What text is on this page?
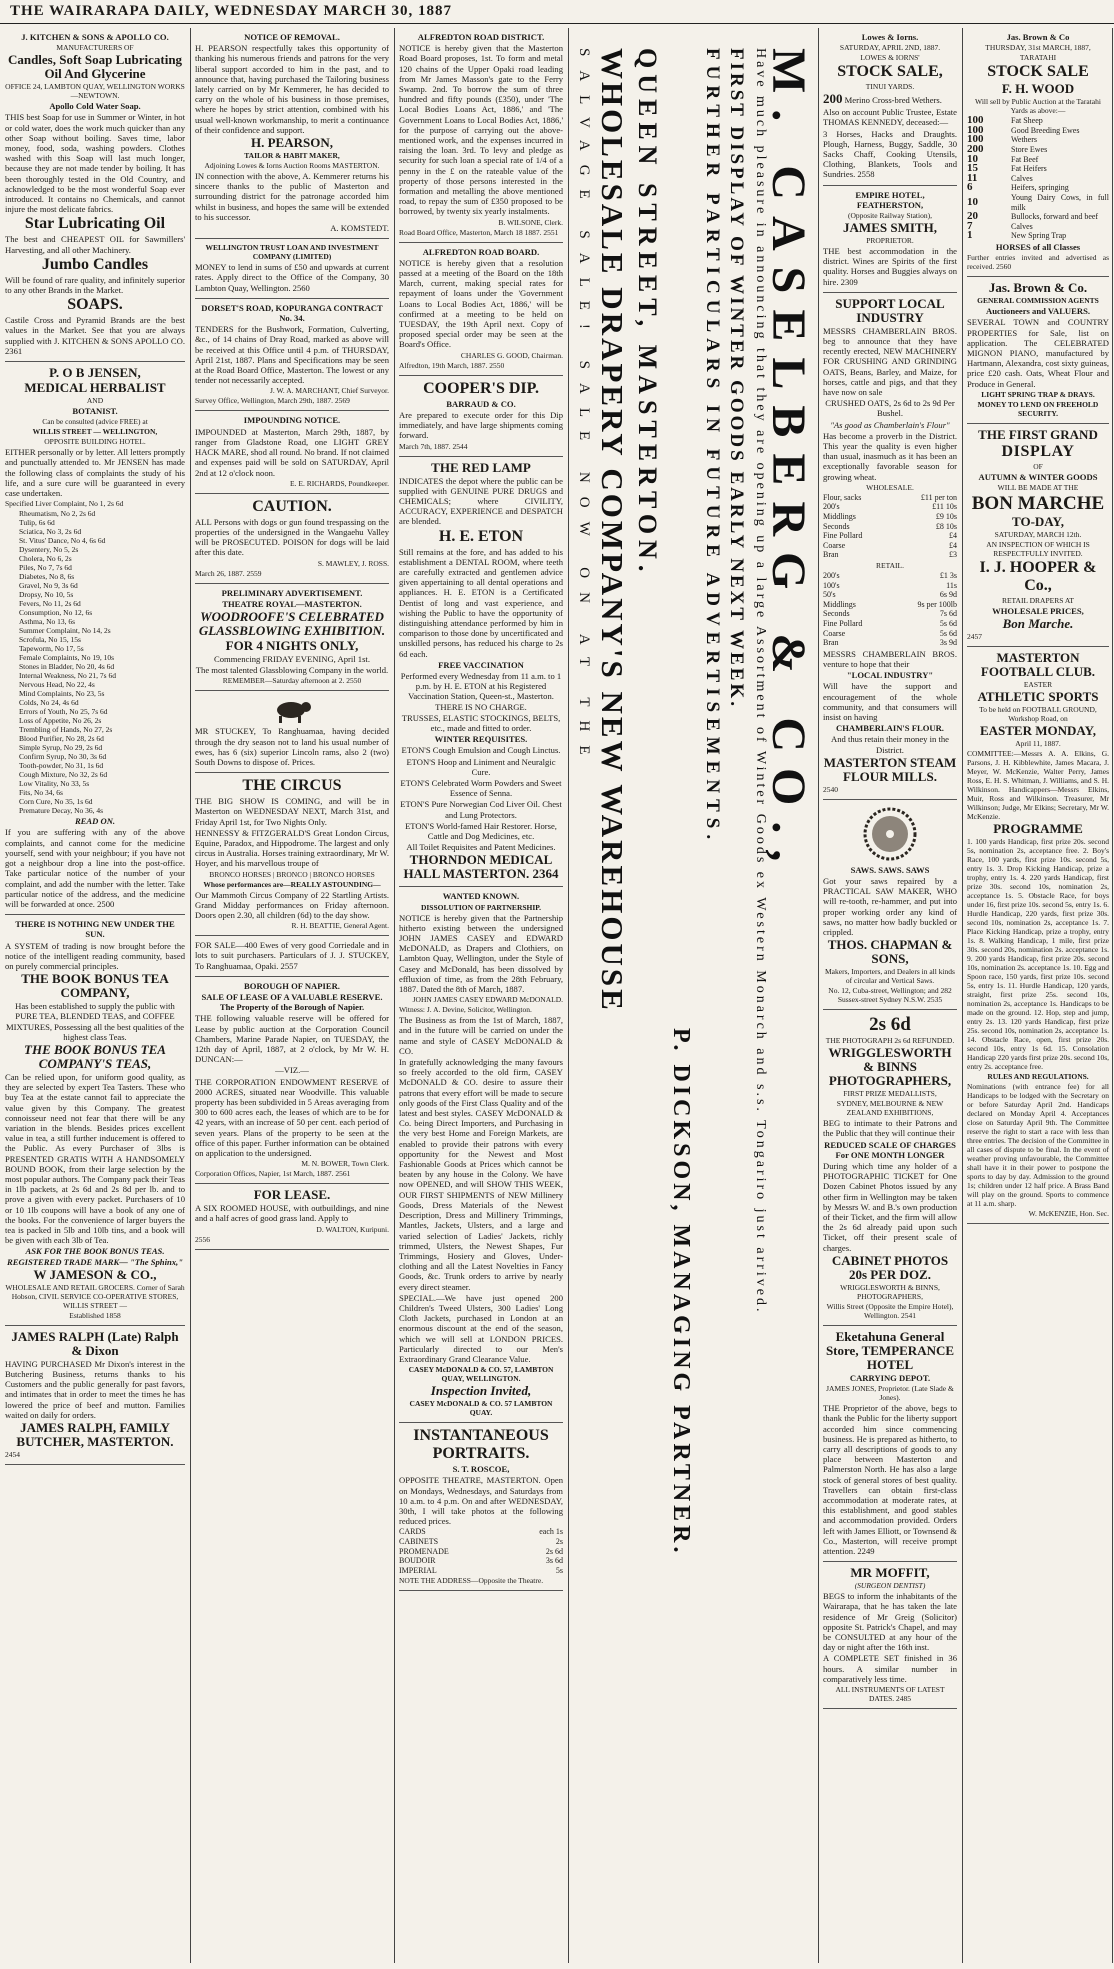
THE WAIRARAPA DAILY, WEDNESDAY MARCH 30, 1887

J. KITCHEN & SONS & APOLLO CO.

MANUFACTURERS OF

Candles, Soft Soap Lubricating Oil And Glycerine

OFFICE 24, LAMBTON QUAY, WELLINGTON WORKS—NEWTOWN.

Apollo Cold Water Soap.

THIS best Soap for use in Summer or Winter, in hot or cold water, does the work much quicker than any other Soap without boiling. Saves time, labor money, food, soda, washing powders. Clothes washed with this Soap will last much longer, because they are not made tender by boiling. It has been thoroughly tested in the Old Country, and acknowledged to be the most wonderful Soap ever introduced. It contains no Chemicals, and cannot injure the most delicate fabrics.

Star Lubricating Oil

The best and CHEAPEST OIL for Sawmillers' Harvesting, and all other Machinery.

Jumbo Candles

Will be found of rare quality, and infinitely superior to any other Brands in the Market.

SOAPS.

Castile Cross and Pyramid Brands are the best values in the Market. See that you are always supplied with J. KITCHEN & SONS APOLLO CO. 2361

P. O B JENSEN,

MEDICAL HERBALIST

AND

BOTANIST.

Can be consulted (advice FREE) at

WILLIS STREET — WELLINGTON,

OPPOSITE BUILDING HOTEL.

EITHER personally or by letter. All letters promptly and punctually attended to. Mr JENSEN has made the following class of complaints the study of his life, and a sure cure will be guaranteed in every case undertaken.

Specified Liver Complaint, No 1, 2s 6d

Rheumatism, No 2, 2s 6d
Tulip, 6s 6d
Sciatica, No 3, 2s 6d
St. Vitus' Dance, No 4, 6s 6d
Dysentery, No 5, 2s
Cholera, No 6, 2s
Piles, No 7, 7s 6d
Diabetes, No 8, 6s
Gravel, No 9, 3s 6d
Dropsy, No 10, 5s
Fevers, No 11, 2s 6d
Consumption, No 12, 6s
Asthma, No 13, 6s
Summer Complaint, No 14, 2s
Scrofula, No 15, 15s
Tapeworm, No 17, 5s
Female Complaints, No 19, 10s
Stones in Bladder, No 20, 4s 6d
Internal Weakness, No 21, 7s 6d
Nervous Head, No 22, 4s
Mind Complaints, No 23, 5s
Colds, No 24, 4s 6d
Errors of Youth, No 25, 7s 6d
Loss of Appetite, No 26, 2s
Trembling of Hands, No 27, 2s
Blood Purifier, No 28, 2s 6d
Simple Syrup, No 29, 2s 6d
Confirm Syrup, No 30, 3s 6d
Tooth-powder, No 31, 1s 6d
Cough Mixture, No 32, 2s 6d
Low Vitality, No 33, 5s
Fits, No 34, 6s
Corn Cure, No 35, 1s 6d
Premature Decay, No 36, 4s

READ ON.

If you are suffering with any of the above complaints, and cannot come for the medicine yourself, send with your neighbour; if you have not got a neighbour drop a line into the post-office. Take particular notice of the number of your complaint, and add the number with the letter. Take particular notice of the address, and the medicine will be forwarded at once. 2500

THERE IS NOTHING NEW UNDER THE SUN.

A SYSTEM of trading is now brought before the notice of the intelligent reading community, based on purely commercial principles.

THE BOOK BONUS TEA COMPANY,

Has been established to supply the public with PURE TEA, BLENDED TEAS, and COFFEE MIXTURES, Possessing all the best qualities of the highest class Teas.

THE BOOK BONUS TEA COMPANY'S TEAS,

Can be relied upon, for uniform good quality, as they are selected by expert Tea Tasters. These who buy Tea at the estate cannot fail to appreciate the value given by this Company. The greatest connoisseur need not fear that there will be any variation in the blends. Besides prices excellent value in tea, a still further inducement is offered to the Public. As every Purchaser of 3lbs is PRESENTED GRATIS WITH A HANDSOMELY BOUND BOOK, from their large selection by the most popular authors. The Company pack their Teas in 1lb packets, at 2s 6d and 2s 8d per lb. and to prove a given with every packet. Purchasers of 10 or 10 1lb coupons will have a book of any one of the books. For the convenience of larger buyers the tea is packed in 5lb and 10lb tins, and a book will be given with each 3lb of Tea.

ASK FOR THE BOOK BONUS TEAS. REGISTERED TRADE MARK— "The Sphinx,"

W JAMESON & CO.,

WHOLESALE AND RETAIL GROCERS. Corner of Sarah Hobson, CIVIL SERVICE CO-OPERATIVE STORES, WILLIS STREET —

Established 1858

JAMES RALPH (Late) Ralph & Dixon

HAVING PURCHASED Mr Dixon's interest in the Butchering Business, returns thanks to his Customers and the public generally for past favors, and intimates that in order to meet the times he has lowered the price of beef and mutton. Families waited on daily for orders.

JAMES RALPH, FAMILY BUTCHER, MASTERTON.

2454

NOTICE OF REMOVAL.

H. PEARSON respectfully takes this opportunity of thanking his numerous friends and patrons for the very liberal support accorded to him in the past, and to announce that, having purchased the Tailoring business lately carried on by Mr Kemmerer, he has decided to carry on the whole of his business in those premises, where he hopes by strict attention, combined with his usual well-known workmanship, to merit a continuance of their confidence and support.

H. PEARSON,

TAILOR & HABIT MAKER,

Adjoining Lowes & Iorns Auction Rooms MASTERTON.

IN connection with the above, A. Kemmerer returns his sincere thanks to the public of Masterton and surrounding district for the patronage accorded him whilst in business, and hopes the same will be extended to his successor.

A. KOMSTEDT.

WELLINGTON TRUST LOAN AND INVESTMENT COMPANY (LIMITED)

MONEY to lend in sums of £50 and upwards at current rates. Apply direct to the Office of the Company, 30 Lambton Quay, Wellington. 2560

DORSET'S ROAD, KOPURANGA CONTRACT No. 34.

TENDERS for the Bushwork, Formation, Culverting, &c., of 14 chains of Dray Road, marked as above will be received at this Office until 4 p.m. of THURSDAY, April 21st, 1887. Plans and Specifications may be seen at the Road Board Office, Masterton. The lowest or any tender not necessarily accepted.

J. W. A. MARCHANT, Chief Surveyor.

Survey Office, Wellington, March 29th, 1887. 2569

IMPOUNDING NOTICE.

IMPOUNDED at Masterton, March 29th, 1887, by ranger from Gladstone Road, one LIGHT GREY HACK MARE, shod all round. No brand. If not claimed and expenses paid will be sold on SATURDAY, April 2nd at 12 o'clock noon.

E. E. RICHARDS, Poundkeeper.

CAUTION.

ALL Persons with dogs or gun found trespassing on the properties of the undersigned in the Wangaehu Valley will be PROSECUTED. POISON for dogs will be laid after this date.

S. MAWLEY, J. ROSS.

March 26, 1887. 2559

PRELIMINARY ADVERTISEMENT.

THEATRE ROYAL—MASTERTON.

WOODROOFE'S CELEBRATED GLASSBLOWING EXHIBITION.

FOR 4 NIGHTS ONLY,

Commencing FRIDAY EVENING, April 1st.

The most talented Glassblowing Company in the world.

REMEMBER—Saturday afternoon at 2. 2550

MR STUCKEY, To Ranghuamaa, having decided through the dry season not to land his usual number of ewes, has 6 (six) superior Lincoln rams, also 2 (two) South Downs to dispose of. Prices.

THE CIRCUS

THE BIG SHOW IS COMING, and will be in Masterton on WEDNESDAY NEXT, March 31st, and Friday April 1st, for Two Nights Only.

HENNESSY & FITZGERALD'S Great London Circus, Equine, Paradox, and Hippodrome. The largest and only circus in Australia. Horses training extraordinary, Mr W. Hoyer, and his marvellous troupe of

BRONCO HORSES | BRONCO | BRONCO HORSES

Whose performances are—REALLY ASTOUNDING—

Our Mammoth Circus Company of 22 Startling Artists. Grand Midday performances on Friday afternoon. Doors open 2.30, all children (6d) to the day show.

R. H. BEATTIE, General Agent.

FOR SALE—400 Ewes of very good Corriedale and in lots to suit purchasers. Particulars of J. J. STUCKEY, To Ranghuamaa, Opaki. 2557

BOROUGH OF NAPIER.

SALE OF LEASE OF A VALUABLE RESERVE. The Property of the Borough of Napier.

THE following valuable reserve will be offered for Lease by public auction at the Corporation Council Chambers, Marine Parade Napier, on TUESDAY, the 12th day of April, 1887, at 2 o'clock, by Mr W. H. DUNCAN:—

—VIZ.—

THE CORPORATION ENDOWMENT RESERVE of 2000 ACRES, situated near Woodville. This valuable property has been subdivided in 5 Areas averaging from 300 to 600 acres each, the leases of which are to be for 42 years, with an increase of 50 per cent. each period of seven years. Plans of the property to be seen at the office of this paper. Further information can be obtained on application to the undersigned.

M. N. BOWER, Town Clerk.

Corporation Offices, Napier, 1st March, 1887. 2561

FOR LEASE.

A SIX ROOMED HOUSE, with outbuildings, and nine and a half acres of good grass land. Apply to

D. WALTON, Kuripuni.

2556

ALFREDTON ROAD DISTRICT.

NOTICE is hereby given that the Masterton Road Board proposes, 1st. To form and metal 120 chains of the Upper Opaki road leading from Mr James Masson's gate to the Ferry Swamp. 2nd. To borrow the sum of three hundred and fifty pounds (£350), under 'The Local Bodies Loans Act, 1886,' and 'The Government Loans to Local Bodies Act, 1886,' for the purpose of carrying out the above-mentioned work, and the expenses incurred in raising the loan. 3rd. To levy and pledge as security for such loan a special rate of 1/4 of a penny in the £ on the rateable value of the property of those persons interested in the formation and metalling the above mentioned road, to repay the sum of £350 proposed to be borrowed, by twenty six yearly instalments.

B. WILSONE, Clerk.

Road Board Office, Masterton, March 18 1887. 2551

ALFREDTON ROAD BOARD.

NOTICE is hereby given that a resolution passed at a meeting of the Board on the 18th March, current, making special rates for repayment of loans under the 'Government Loans to Local Bodies Act, 1886,' will be confirmed at a meeting to be held on TUESDAY, the 19th April next. Copy of proposed special order may be seen at the Board's Office.

CHARLES G. GOOD, Chairman.

Alfredton, 19th March, 1887. 2550

COOPER'S DIP.

BARRAUD & CO.

Are prepared to execute order for this Dip immediately, and have large shipments coming forward.

March 7th, 1887. 2544

THE RED LAMP

INDICATES the depot where the public can be supplied with GENUINE PURE DRUGS and CHEMICALS; where CIVILITY, ACCURACY, EXPERIENCE and DESPATCH are blended.

H. E. ETON

Still remains at the fore, and has added to his establishment a DENTAL ROOM, where teeth are carefully extracted and gentlemen advice given appertaining to all dental operations and appliances. H. E. ETON is a Certificated Dentist of long and vast experience, and wishing the Public to have the opportunity of distinguishing attendance performed by him in comparison to those done by uncertificated and unskilled persons, has reduced his charge to 2s 6d each.

FREE VACCINATION

Performed every Wednesday from 11 a.m. to 1 p.m. by H. E. ETON at his Registered Vaccination Station, Queen-st., Masterton. THERE IS NO CHARGE.

TRUSSES, ELASTIC STOCKINGS, BELTS, etc., made and fitted to order.

WINTER REQUISITES.

ETON'S Cough Emulsion and Cough Linctus.

ETON'S Hoop and Liniment and Neuralgic Cure.

ETON'S Celebrated Worm Powders and Sweet Essence of Senna.

ETON'S Pure Norwegian Cod Liver Oil. Chest and Lung Protectors.

ETON'S World-famed Hair Restorer. Horse, Cattle and Dog Medicines, etc.

All Toilet Requisites and Patent Medicines.

THORNDON MEDICAL HALL MASTERTON. 2364

WANTED KNOWN.

DISSOLUTION OF PARTNERSHIP.

NOTICE is hereby given that the Partnership hitherto existing between the undersigned JOHN JAMES CASEY and EDWARD McDONALD, as Drapers and Clothiers, on Lambton Quay, Wellington, under the Style of Casey and McDonald, has been dissolved by effluxion of time, as from the 28th February, 1887. Dated the 8th of March, 1887.

JOHN JAMES CASEY EDWARD McDONALD.

Witness: J. A. Devine, Solicitor, Wellington.

The Business as from the 1st of March, 1887, and in the future will be carried on under the name and style of CASEY McDONALD & CO.

In gratefully acknowledging the many favours so freely accorded to the old firm, CASEY McDONALD & CO. desire to assure their patrons that every effort will be made to secure only goods of the First Class Quality and of the latest and best styles. CASEY McDONALD & Co. being Direct Importers, and Purchasing in the very best Home and Foreign Markets, are enabled to provide their patrons with every opportunity for the Newest and Most Fashionable Goods at Prices which cannot be beaten by any house in the Colony. We have now OPENED, and will SHOW THIS WEEK, OUR FIRST SHIPMENTS of NEW Millinery Goods, Dress Materials of the Newest Description, Dress and Millinery Trimmings, Mantles, Jackets, Ulsters, and a large and varied selection of Ladies' Jackets, richly trimmed, Ulsters, the Newest Shapes, Fur Trimmings, Hosiery and Gloves, Under-clothing and all the Latest Novelties in Fancy Goods, &c. Trunk orders to arrive by nearly every direct steamer.

SPECIAL.—We have just opened 200 Children's Tweed Ulsters, 300 Ladies' Long Cloth Jackets, purchased in London at an enormous discount at the end of the season, which we will sell at LONDON PRICES. Particularly directed to our Men's Extraordinary Grand Clearance Value.

CASEY McDONALD & CO. 57, LAMBTON QUAY, WELLINGTON.

Inspection Invited,

CASEY McDONALD & CO. 57 LAMBTON QUAY.

INSTANTANEOUS PORTRAITS.

S. T. ROSCOE,

OPPOSITE THEATRE, MASTERTON. Open on Mondays, Wednesdays, and Saturdays from 10 a.m. to 4 p.m. On and after WEDNESDAY, 30th, I will take photos at the following reduced prices.

CARDS	each 1s
CABINETS	2s
PROMENADE	2s 6d
BOUDOIR	3s 6d
IMPERIAL	5s

NOTE THE ADDRESS—Opposite the Theatre.

SALVAGE SALE! SALE NOW ON AT THE WHOLESALE DRAPERY COMPANY'S NEW WAREHOUSE QUEEN STREET, MASTERTON.
P. DICKSON, MANAGING PARTNER.
M. CASELBERG & CO.,
Have much pleasure in announcing that they are opening up a large Assortment of Winter Goods ex Western Monarch and s.s. Tongariro just arrived.
FIRST DISPLAY OF WINTER GOODS EARLY NEXT WEEK.
FURTHER PARTICULARS IN FUTURE ADVERTISEMENTS.

Lowes & Iorns.

SATURDAY, APRIL 2ND, 1887.

LOWES & IORNS'

STOCK SALE,

TINUI YARDS.

200 Merino Cross-bred Wethers.

Also on account Public Trustee, Estate THOMAS KENNEDY, deceased:—

3 Horses, Hacks and Draughts. Plough, Harness, Buggy, Saddle, 30 Sacks Chaff, Cooking Utensils, Clothing, Blankets, Tools and Sundries. 2558

EMPIRE HOTEL, FEATHERSTON,

(Opposite Railway Station),

JAMES SMITH,

PROPRIETOR.

THE best accommodation in the district. Wines are Spirits of the first quality. Horses and Buggies always on hire. 2309

SUPPORT LOCAL INDUSTRY

MESSRS CHAMBERLAIN BROS. beg to announce that they have recently erected, NEW MACHINERY FOR CRUSHING AND GRINDING OATS, Beans, Barley, and Maize, for horses, cattle and pigs, and that they have now on sale

CRUSHED OATS, 2s 6d to 2s 9d Per Bushel.

"As good as Chamberlain's Flour"

Has become a proverb in the District. This year the quality is even higher than usual, inasmuch as it has been an exceptionally favorable season for growing wheat.

WHOLESALE.

Flour, sacks	£11 per ton
200's	£11 10s
Middlings	£9 10s
Seconds	£8 10s
Fine Pollard	£4
Coarse	£4
Bran	£3

RETAIL.

200's	£1 3s
100's	11s
50's	6s 9d
Middlings	9s per 100lb
Seconds	7s 6d
Fine Pollard	5s 6d
Coarse	5s 6d
Bran	3s 9d

MESSRS CHAMBERLAIN BROS. venture to hope that their

"LOCAL INDUSTRY"

Will have the support and encouragement of the whole community, and that consumers will insist on having

CHAMBERLAIN'S FLOUR.

And thus retain their money in the District.

MASTERTON STEAM FLOUR MILLS.

2540

SAWS. SAWS. SAWS

Got your saws repaired by a PRACTICAL SAW MAKER, WHO will re-tooth, re-hammer, and put into proper working order any kind of saws, no matter how badly buckled or crippled.

THOS. CHAPMAN & SONS,

Makers, Importers, and Dealers in all kinds of circular and Vertical Saws.

No. 12, Cuba-street, Wellington; and 282 Sussex-street Sydney N.S.W. 2535

2s 6d

THE PHOTOGRAPH 2s 6d REFUNDED.

WRIGGLESWORTH & BINNS PHOTOGRAPHERS,

FIRST PRIZE MEDALLISTS,

SYDNEY, MELBOURNE & NEW ZEALAND EXHIBITIONS,

BEG to intimate to their Patrons and the Public that they will continue their

REDUCED SCALE OF CHARGES For ONE MONTH LONGER

During which time any holder of a PHOTOGRAPHIC TICKET for One Dozen Cabinet Photos issued by any other firm in Wellington may be taken by Messrs W. and B.'s own production of their Ticket, and the firm will allow the 2s 6d already paid upon such Ticket, off their present scale of charges.

CABINET PHOTOS 20s PER DOZ.

WRIGGLESWORTH & BINNS, PHOTOGRAPHERS,

Willis Street (Opposite the Empire Hotel), Wellington. 2541

Eketahuna General Store, TEMPERANCE HOTEL

CARRYING DEPOT.

JAMES JONES, Proprietor. (Late Slade & Jones).

THE Proprietor of the above, begs to thank the Public for the liberty support accorded him since commencing business. He is prepared as hitherto, to carry all descriptions of goods to any place between Masterton and Palmerston North. He has also a large stock of general stores of best quality. Travellers can obtain first-class accommodation at moderate rates, at this establishment, and good stables and accommodation provided. Orders left with James Elliott, or Townsend & Co., Masterton, will receive prompt attention. 2249

MR MOFFIT,

(SURGEON DENTIST)

BEGS to inform the inhabitants of the Wairarapa, that he has taken the late residence of Mr Greig (Solicitor) opposite St. Patrick's Chapel, and may be CONSULTED at any hour of the day or night after the 16th inst.

A COMPLETE SET finished in 36 hours. A similar number in comparatively less time.

ALL INSTRUMENTS OF LATEST DATES. 2485

Jas. Brown & Co

THURSDAY, 31st MARCH, 1887,

TARATAHI

STOCK SALE

F. H. WOOD

Will sell by Public Auction at the Taratahi Yards as above:—

100	Fat Sheep
100	Good Breeding Ewes
100	Wethers
200	Store Ewes
10	Fat Beef
15	Fat Heifers
11	Calves
6	Heifers, springing
10	Young Dairy Cows, in full milk
20	Bullocks, forward and beef
7	Calves
1	New Spring Trap

HORSES of all Classes

Further entries invited and advertised as received. 2560

Jas. Brown & Co.

GENERAL COMMISSION AGENTS

Auctioneers and VALUERS.

SEVERAL TOWN and COUNTRY PROPERTIES for Sale, list on application. The CELEBRATED MIGNON PIANO, manufactured by Hartmann, Alexandra, cost sixty guineas, price £20 cash. Oats, Wheat Flour and Produce in General.

LIGHT SPRING TRAP & DRAYS.

MONEY TO LEND ON FREEHOLD SECURITY.

THE FIRST GRAND

DISPLAY

OF

AUTUMN & WINTER GOODS

WILL BE MADE AT THE

BON MARCHE

TO-DAY,

SATURDAY, MARCH 12th.

AN INSPECTION OF WHICH IS RESPECTFULLY INVITED.

I. J. HOOPER & Co.,

RETAIL DRAPERS AT

WHOLESALE PRICES,

Bon Marche.

2457

MASTERTON FOOTBALL CLUB.

EASTER

ATHLETIC SPORTS

To be held on FOOTBALL GROUND, Workshop Road, on

EASTER MONDAY,

April 11, 1887.

COMMITTEE:—Messrs A. A. Elkins, G. Parsons, J. H. Kibblewhite, James Macara, J. Meyer, W. McKenzie, Walter Perry, James Ross, E. H. S. Whitman, J. Williams, and S. H. Wilkinson. Handicappers—Messrs Elkins, Muir, Ross and Wilkinson. Treasurer, Mr Wilkinson; Judge, Mr Elkins; Secretary, Mr W. McKenzie.

PROGRAMME

1. 100 yards Handicap, first prize 20s. second 5s, nomination 2s, acceptance free. 2. Boy's Race, 100 yards, first prize 10s. second 5s, entry 1s. 3. Drop Kicking Handicap, prize a trophy, entry 1s. 4. 220 yards Handicap, first prize 30s. second 10s, nomination 2s, acceptance 1s. 5. Obstacle Race, for boys under 16, first prize 10s. second 5s, entry 1s. 6. Hurdle Handicap, 220 yards, first prize 30s. second 10s, nomination 2s, acceptance 1s. 7. Place Kicking Handicap, prize a trophy, entry 1s. 8. Walking Handicap, 1 mile, first prize 30s. second 20s, nomination 2s. acceptance 1s. 9. 200 yards Handicap, first prize 20s. second 10s, nomination 2s. acceptance 1s. 10. Egg and Spoon race, 150 yards, first prize 10s. second 5s, entry 1s. 11. Hurdle Handicap, 120 yards, straight, first prize 25s. second 10s, nomination 2s, acceptance 1s. Handicaps to be made on the ground. 12. Hop, step and jump, entry 2s. 13. 120 yards Handicap, first prize 25s. second 10s, nomination 2s, acceptance 1s. 14. Obstacle Race, open, first prize 20s. second 10s, entry 1s 6d. 15. Consolation Handicap 220 yards first prize 20s. second 10s, entry 2s. acceptance free.

RULES AND REGULATIONS.

Nominations (with entrance fee) for all Handicaps to be lodged with the Secretary on or before Saturday April 2nd. Handicaps declared on Monday April 4. Acceptances close on Saturday April 9th. The Committee reserve the right to start a race with less than three entries. The decision of the Committee in all cases of dispute to be final. In the event of weather proving unfavourable, the Committee shall have it in their power to postpone the sports to day by day. Admission to the ground 1s; children under 12 half price. A Brass Band will play on the ground. Sports to commence at 11 a.m. sharp.

W. McKENZIE, Hon. Sec.
